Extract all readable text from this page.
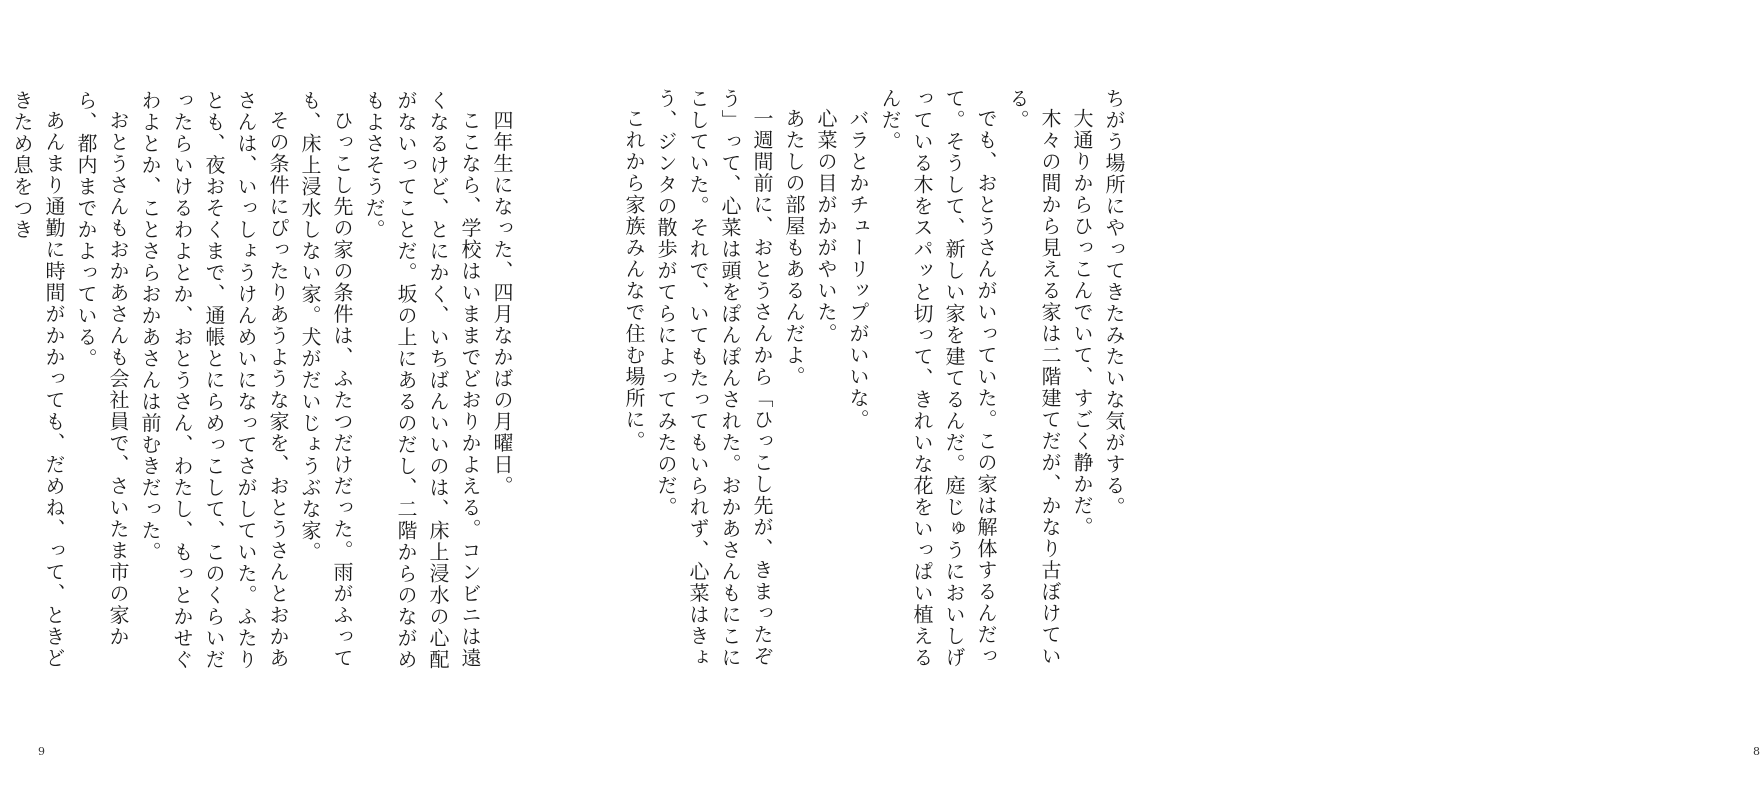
四年生になった、四月なかばの月曜日。

ここなら、学校はいままでどおりかよえる。コンビニは遠くなるけど、とにかく、いちばんいいのは、床上浸水の心配がないってことだ。坂の上にあるのだし、二階からのながめもよさそうだ。

ひっこし先の家の条件は、ふたつだけだった。雨がふっても、床上浸水しない家。犬がだいじょうぶな家。

その条件にぴったりあうような家を、おとうさんとおかあさんは、いっしょうけんめいになってさがしていた。ふたりとも、夜おそくまで、通帳とにらめっこして、このくらいだったらいけるわよとか、おとうさん、わたし、もっとかせぐわよとか、ことさらおかあさんは前むきだった。

おとうさんもおかあさんも会社員で、さいたま市の家から、都内までかよっている。

あんまり通勤に時間がかかっても、だめね、って、ときどきため息をつき

9

ちがう場所にやってきたみたいな気がする。

大通りからひっこんでいて、すごく静かだ。

木々の間から見える家は二階建てだが、かなり古ぼけている。

でも、おとうさんがいっていた。この家は解体するんだって。そうして、新しい家を建てるんだ。庭じゅうにおいしげっている木をスパッと切って、きれいな花をいっぱい植えるんだ。

バラとかチューリップがいいな。

心菜の目がかがやいた。

あたしの部屋もあるんだよ。

一週間前に、おとうさんから「ひっこし先が、きまったぞう」って、心菜は頭をぽんぽんされた。おかあさんもにこにこしていた。それで、いてもたってもいられず、心菜はきょう、ジンタの散歩がてらによってみたのだ。

これから家族みんなで住む場所に。

8
